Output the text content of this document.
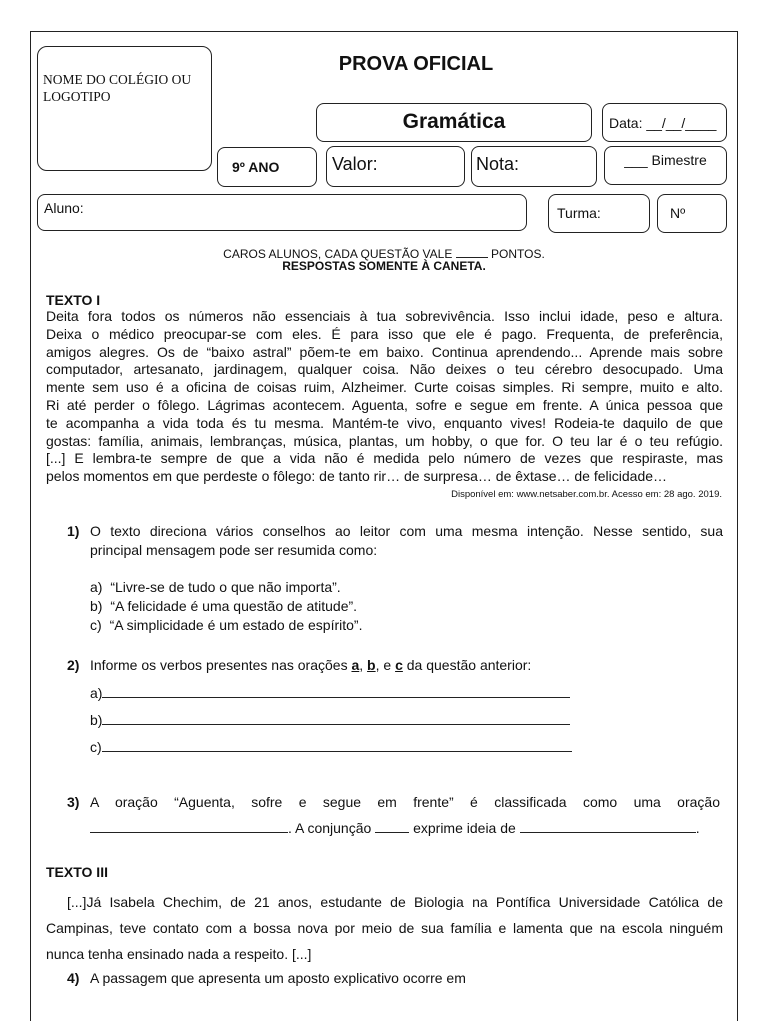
NOME DO COLÉGIO OU LOGOTIPO
PROVA OFICIAL
Gramática	Data: __/__/____
9º ANO	Valor:	Nota:	___ Bimestre
Aluno:	Turma:	Nº
CAROS ALUNOS, CADA QUESTÃO VALE	PONTOS.
RESPOSTAS SOMENTE À CANETA.
TEXTO I
Deita fora todos os números não essenciais à tua sobrevivência. Isso inclui idade, peso e altura.
Deixa o médico preocupar-se com eles. É para isso que ele é pago. Frequenta, de preferência,
amigos alegres. Os de “baixo astral” põem-te em baixo. Continua aprendendo... Aprende mais sobre
computador, artesanato, jardinagem, qualquer coisa. Não deixes o teu cérebro desocupado. Uma
mente sem uso é a oficina de coisas ruim, Alzheimer. Curte coisas simples. Ri sempre, muito e alto.
Ri até perder o fôlego. Lágrimas acontecem. Aguenta, sofre e segue em frente. A única pessoa que
te acompanha a vida toda és tu mesma. Mantém-te vivo, enquanto vives! Rodeia-te daquilo de que
gostas: família, animais, lembranças, música, plantas, um hobby, o que for. O teu lar é o teu refúgio.
[...] E lembra-te sempre de que a vida não é medida pelo número de vezes que respiraste, mas
pelos momentos em que perdeste o fôlego: de tanto rir… de surpresa… de êxtase… de felicidade…
Disponível em: www.netsaber.com.br. Acesso em: 28 ago. 2019.
1) O texto direciona vários conselhos ao leitor com uma mesma intenção. Nesse sentido, sua
principal mensagem pode ser resumida como:
a) “Livre-se de tudo o que não importa”.
b) “A felicidade é uma questão de atitude”.
c) “A simplicidade é um estado de espírito”.
2) Informe os verbos presentes nas orações a, b, e c da questão anterior:
a)
b)
c)
3) A oração “Aguenta, sofre e segue em frente” é classificada como uma oração
. A conjunção	exprime ideia de	.
TEXTO III
[...]Já Isabela Chechim, de 21 anos, estudante de Biologia na Pontífica Universidade Católica de
Campinas, teve contato com a bossa nova por meio de sua família e lamenta que na escola ninguém
nunca tenha ensinado nada a respeito. [...]
4) A passagem que apresenta um aposto explicativo ocorre em
